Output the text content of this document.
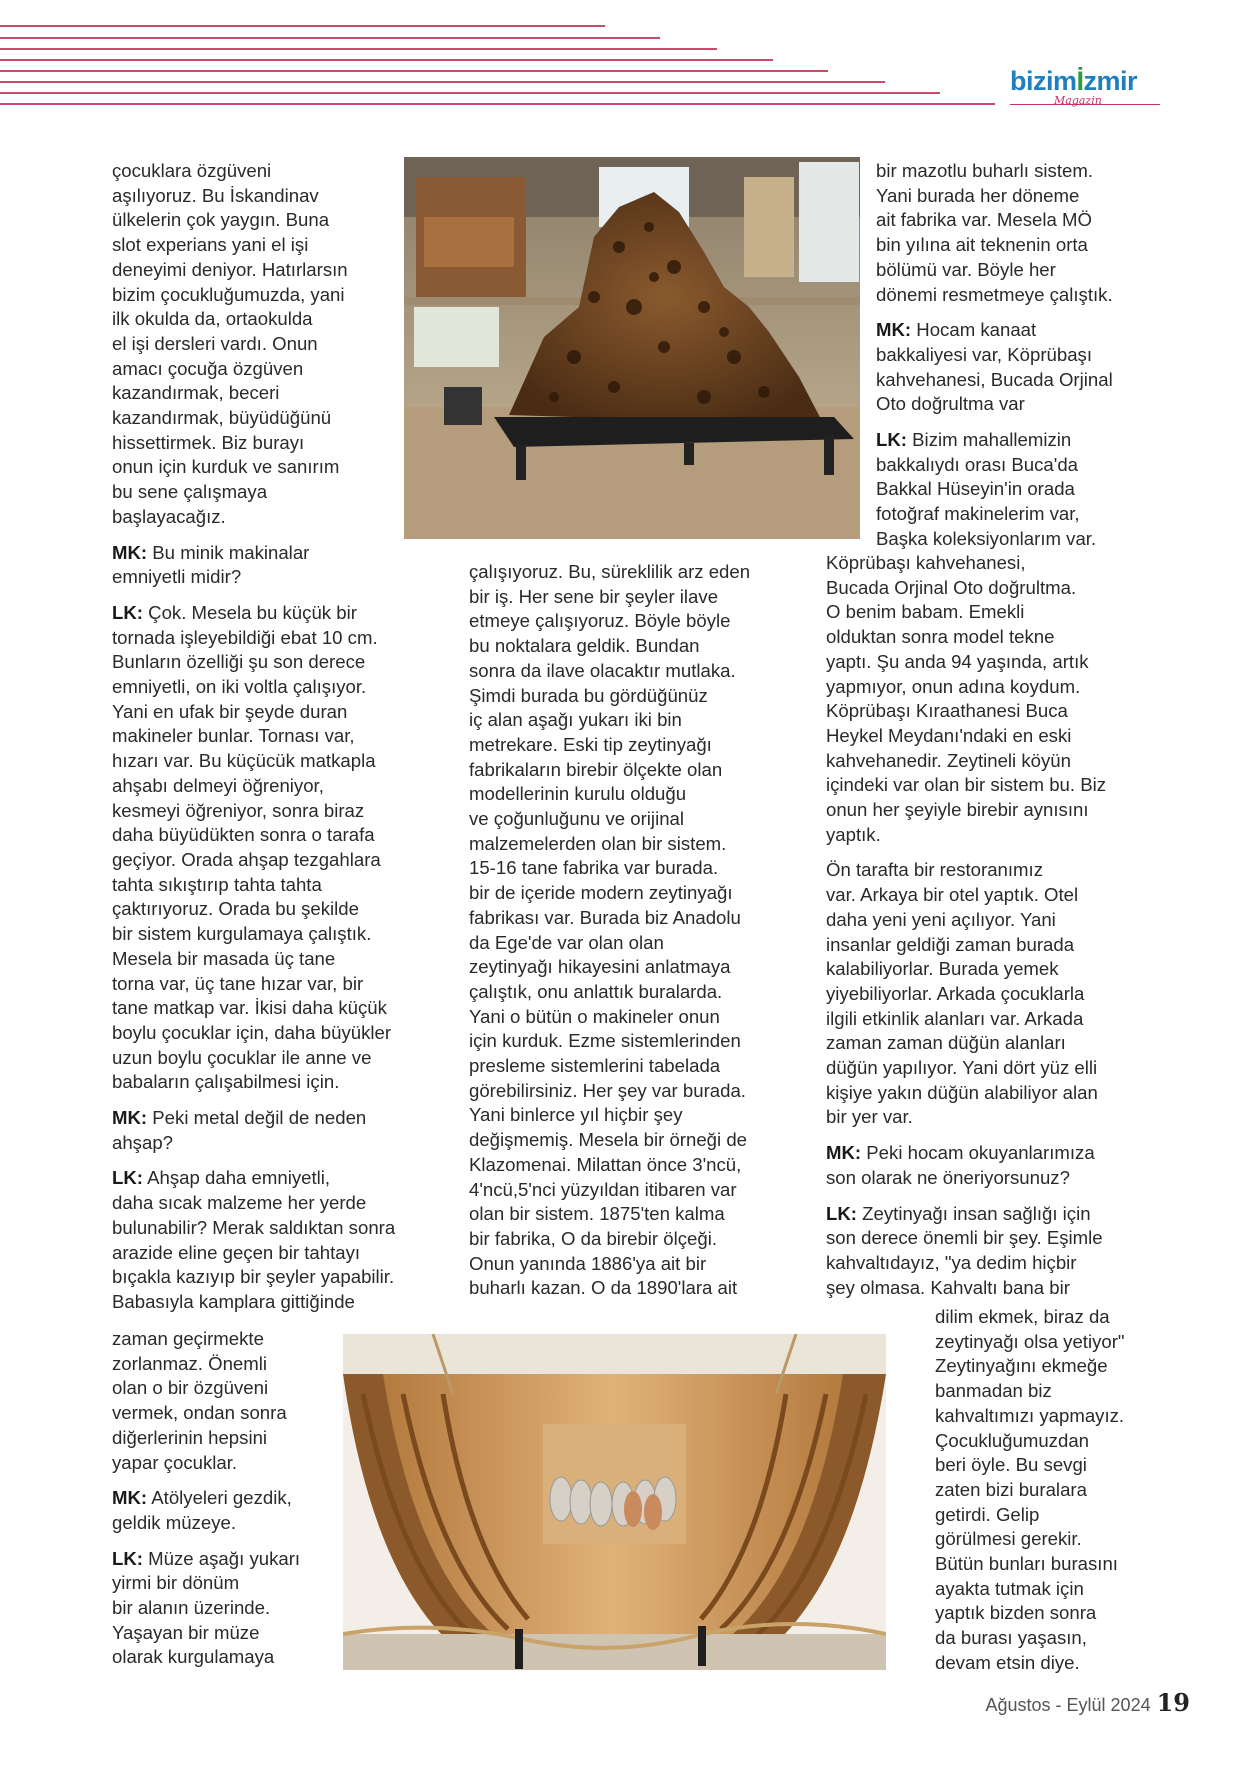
bizimİzmir
Magazin

çocuklara özgüveni
aşılıyoruz. Bu İskandinav
ülkelerin çok yaygın. Buna
slot experians yani el işi
deneyimi deniyor. Hatırlarsın
bizim çocukluğumuzda, yani
ilk okulda da, ortaokulda
el işi dersleri vardı. Onun
amacı çocuğa özgüven
kazandırmak, beceri
kazandırmak, büyüdüğünü
hissettirmek. Biz burayı
onun için kurduk ve sanırım
bu sene çalışmaya
başlayacağız.

MK: Bu minik makinalar
emniyetli midir?

LK: Çok. Mesela bu küçük bir
tornada işleyebildiği ebat 10 cm.
Bunların özelliği şu son derece
emniyetli, on iki voltla çalışıyor.
Yani en ufak bir şeyde duran
makineler bunlar. Tornası var,
hızarı var. Bu küçücük matkapla
ahşabı delmeyi öğreniyor,
kesmeyi öğreniyor, sonra biraz
daha büyüdükten sonra o tarafa
geçiyor. Orada ahşap tezgahlara
tahta sıkıştırıp tahta tahta
çaktırıyoruz. Orada bu şekilde
bir sistem kurgulamaya çalıştık.
Mesela bir masada üç tane
torna var, üç tane hızar var, bir
tane matkap var. İkisi daha küçük
boylu çocuklar için, daha büyükler
uzun boylu çocuklar ile anne ve
babaların çalışabilmesi için.

MK: Peki metal değil de neden
ahşap?

LK: Ahşap daha emniyetli,
daha sıcak malzeme her yerde
bulunabilir? Merak saldıktan sonra
arazide eline geçen bir tahtayı
bıçakla kazıyıp bir şeyler yapabilir.
Babasıyla kamplara gittiğinde

zaman geçirmekte
zorlanmaz. Önemli
olan o bir özgüveni
vermek, ondan sonra
diğerlerinin hepsini
yapar çocuklar.

MK: Atölyeleri gezdik,
geldik müzeye.

LK: Müze aşağı yukarı
yirmi bir dönüm
bir alanın üzerinde.
Yaşayan bir müze
olarak kurgulamaya

çalışıyoruz. Bu, süreklilik arz eden
bir iş. Her sene bir şeyler ilave
etmeye çalışıyoruz. Böyle böyle
bu noktalara geldik. Bundan
sonra da ilave olacaktır mutlaka.
Şimdi burada bu gördüğünüz
iç alan aşağı yukarı iki bin
metrekare. Eski tip zeytinyağı
fabrikaların birebir ölçekte olan
modellerinin kurulu olduğu
ve çoğunluğunu ve orijinal
malzemelerden olan bir sistem.
15-16 tane fabrika var burada.
bir de içeride modern zeytinyağı
fabrikası var. Burada biz Anadolu
da Ege'de var olan olan
zeytinyağı hikayesini anlatmaya
çalıştık, onu anlattık buralarda.
Yani o bütün o makineler onun
için kurduk. Ezme sistemlerinden
presleme sistemlerini tabelada
görebilirsiniz. Her şey var burada.
Yani binlerce yıl hiçbir şey
değişmemiş. Mesela bir örneği de
Klazomenai. Milattan önce 3'ncü,
4'ncü,5'nci yüzyıldan itibaren var
olan bir sistem. 1875'ten kalma
bir fabrika, O da birebir ölçeği.
Onun yanında 1886'ya ait bir
buharlı kazan. O da 1890'lara ait

bir mazotlu buharlı sistem.
Yani burada her döneme
ait fabrika var. Mesela MÖ
bin yılına ait teknenin orta
bölümü var. Böyle her
dönemi resmetmeye çalıştık.

MK: Hocam kanaat
bakkaliyesi var, Köprübaşı
kahvehanesi, Bucada Orjinal
Oto doğrultma var

LK: Bizim mahallemizin
bakkalıydı orası Buca'da
Bakkal Hüseyin'in orada
fotoğraf makinelerim var,
Başka koleksiyonlarım var.

Köprübaşı kahvehanesi,
Bucada Orjinal Oto doğrultma.
O benim babam. Emekli
olduktan sonra model tekne
yaptı. Şu anda 94 yaşında, artık
yapmıyor, onun adına koydum.
Köprübaşı Kıraathanesi Buca
Heykel Meydanı'ndaki en eski
kahvehanedir. Zeytineli köyün
içindeki var olan bir sistem bu. Biz
onun her şeyiyle birebir aynısını
yaptık.

Ön tarafta bir restoranımız
var. Arkaya bir otel yaptık. Otel
daha yeni yeni açılıyor. Yani
insanlar geldiği zaman burada
kalabiliyorlar. Burada yemek
yiyebiliyorlar. Arkada çocuklarla
ilgili etkinlik alanları var. Arkada
zaman zaman düğün alanları
düğün yapılıyor. Yani dört yüz elli
kişiye yakın düğün alabiliyor alan
bir yer var.

MK: Peki hocam okuyanlarımıza
son olarak ne öneriyorsunuz?

LK: Zeytinyağı insan sağlığı için
son derece önemli bir şey. Eşimle
kahvaltıdayız, "ya dedim hiçbir
şey olmasa. Kahvaltı bana bir

dilim ekmek, biraz da
zeytinyağı olsa yetiyor"
Zeytinyağını ekmeğe
banmadan biz
kahvaltımızı yapmayız.
Çocukluğumuzdan
beri öyle. Bu sevgi
zaten bizi buralara
getirdi. Gelip
görülmesi gerekir.
Bütün bunları burasını
ayakta tutmak için
yaptık bizden sonra
da burası yaşasın,
devam etsin diye.

Ağustos - Eylül 2024 19
